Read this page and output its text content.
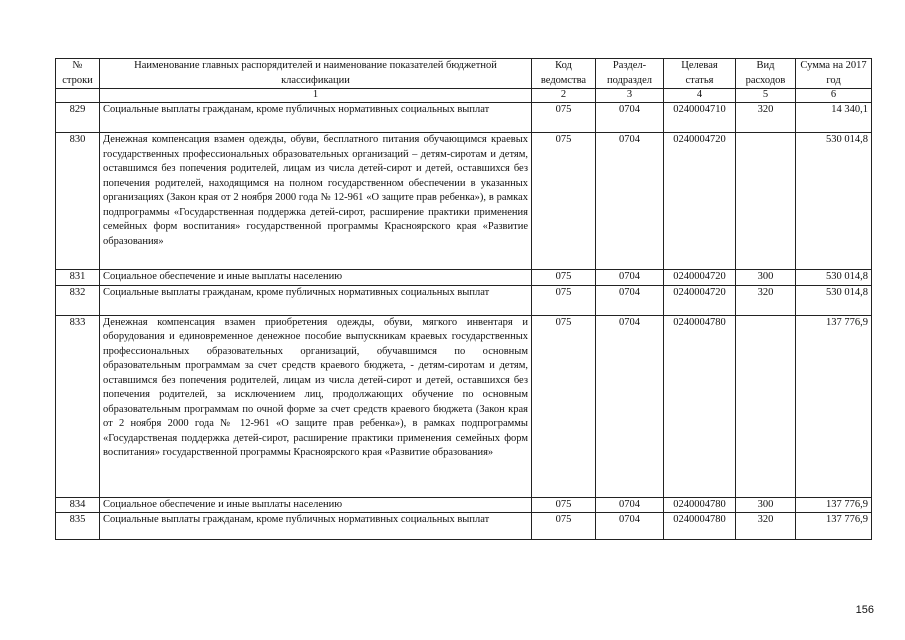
№ строки	Наименование главных распорядителей и наименование показателей бюджетной классификации	Код ведомства	Раздел-подраздел	Целевая статья	Вид расходов	Сумма на 2017 год
	1	2	3	4	5	6
829	Социальные выплаты гражданам, кроме публичных нормативных социальных выплат	075	0704	0240004710	320	14 340,1
830	Денежная компенсация взамен одежды, обуви, бесплатного питания обучающимся краевых государственных профессиональных образовательных организаций – детям-сиротам и детям, оставшимся без попечения родителей, лицам из числа детей-сирот и детей, оставшихся без попечения родителей, находящимся на полном государственном обеспечении в указанных организациях (Закон края от 2 ноября 2000 года № 12-961 «О защите прав ребенка»), в рамках подпрограммы «Государственная поддержка детей-сирот, расширение практики применения семейных форм воспитания» государственной программы Красноярского края «Развитие образования»	075	0704	0240004720		530 014,8
831	Социальное обеспечение и иные выплаты населению	075	0704	0240004720	300	530 014,8
832	Социальные выплаты гражданам, кроме публичных нормативных социальных выплат	075	0704	0240004720	320	530 014,8
833	Денежная компенсация взамен приобретения одежды, обуви, мягкого инвентаря и оборудования и единовременное денежное пособие выпускникам краевых государственных профессиональных образовательных организаций, обучавшимся по основным образовательным программам за счет средств краевого бюджета, - детям-сиротам и детям, оставшимся без попечения родителей, лицам из числа детей-сирот и детей, оставшихся без попечения родителей, за исключением лиц, продолжающих обучение по основным образовательным программам по очной форме за счет средств краевого бюджета (Закон края от 2 ноября 2000 года № 12-961 «О защите прав ребенка»), в рамках подпрограммы «Государственая поддержка детей-сирот, расширение практики применения семейных форм воспитания» государственной программы Красноярского края «Развитие образования»	075	0704	0240004780		137 776,9
834	Социальное обеспечение и иные выплаты населению	075	0704	0240004780	300	137 776,9
835	Социальные выплаты гражданам, кроме публичных нормативных социальных выплат	075	0704	0240004780	320	137 776,9
156
